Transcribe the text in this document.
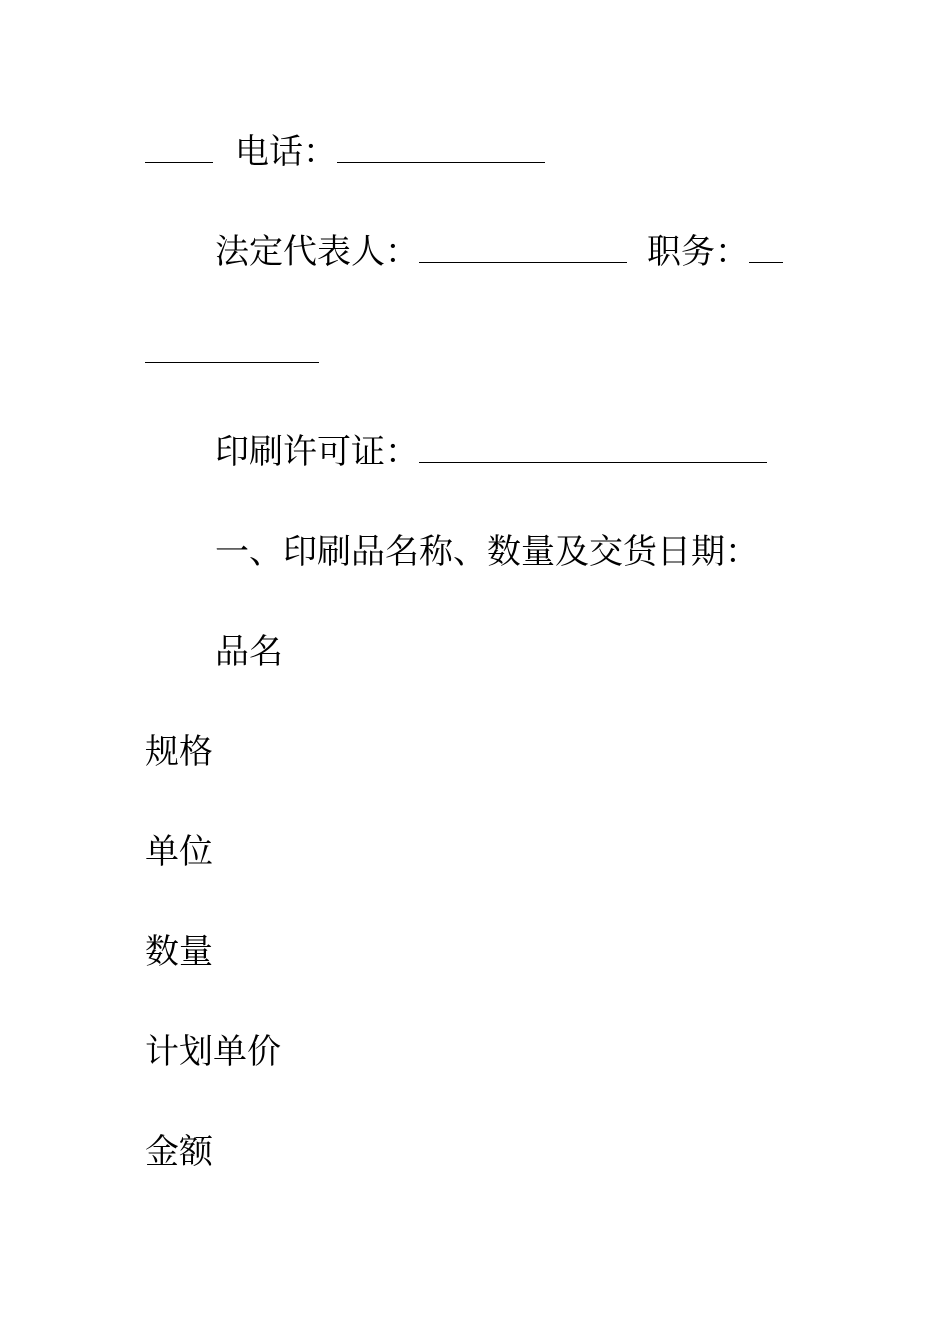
电话：
法定代表人：	职务：
印刷许可证：
一、印刷品名称、数量及交货日期：
品名
规格
单位
数量
计划单价
金额
